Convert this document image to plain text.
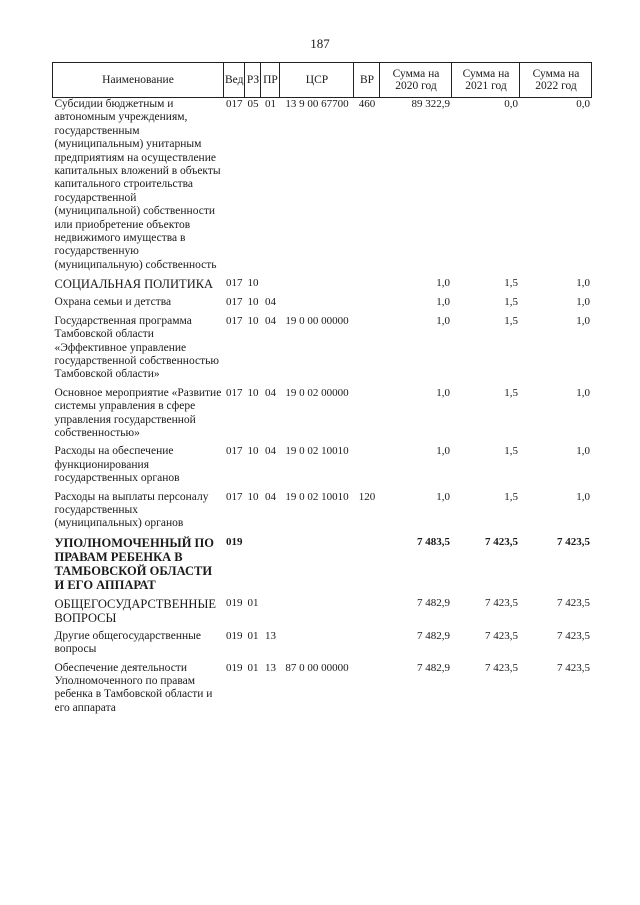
187
Наименование	Вед	РЗ	ПР	ЦСР	ВР	Сумма на 2020 год	Сумма на 2021 год	Сумма на 2022 год
Субсидии бюджетным и автономным учреждениям, государственным (муниципальным) унитарным предприятиям на осуществление капитальных вложений в объекты капитального строительства государственной (муниципальной) собственности или приобретение объектов недвижимого имущества в государственную (муниципальную) собственность	017	05	01	13 9 00 67700	460	89 322,9	0,0	0,0
СОЦИАЛЬНАЯ ПОЛИТИКА	017	10				1,0	1,5	1,0
Охрана семьи и детства	017	10	04			1,0	1,5	1,0
Государственная программа Тамбовской области «Эффективное управление государственной собственностью Тамбовской области»	017	10	04	19 0 00 00000		1,0	1,5	1,0
Основное мероприятие «Развитие системы управления в сфере управления государственной собственностью»	017	10	04	19 0 02 00000		1,0	1,5	1,0
Расходы на обеспечение функционирования государственных органов	017	10	04	19 0 02 10010		1,0	1,5	1,0
Расходы на выплаты персоналу государственных (муниципальных) органов	017	10	04	19 0 02 10010	120	1,0	1,5	1,0
УПОЛНОМОЧЕННЫЙ ПО ПРАВАМ РЕБЕНКА В ТАМБОВСКОЙ ОБЛАСТИ И ЕГО АППАРАТ	019					7 483,5	7 423,5	7 423,5
ОБЩЕГОСУДАРСТВЕННЫЕ ВОПРОСЫ	019	01				7 482,9	7 423,5	7 423,5
Другие общегосударственные вопросы	019	01	13			7 482,9	7 423,5	7 423,5
Обеспечение деятельности Уполномоченного по правам ребенка в Тамбовской области и его аппарата	019	01	13	87 0 00 00000		7 482,9	7 423,5	7 423,5
